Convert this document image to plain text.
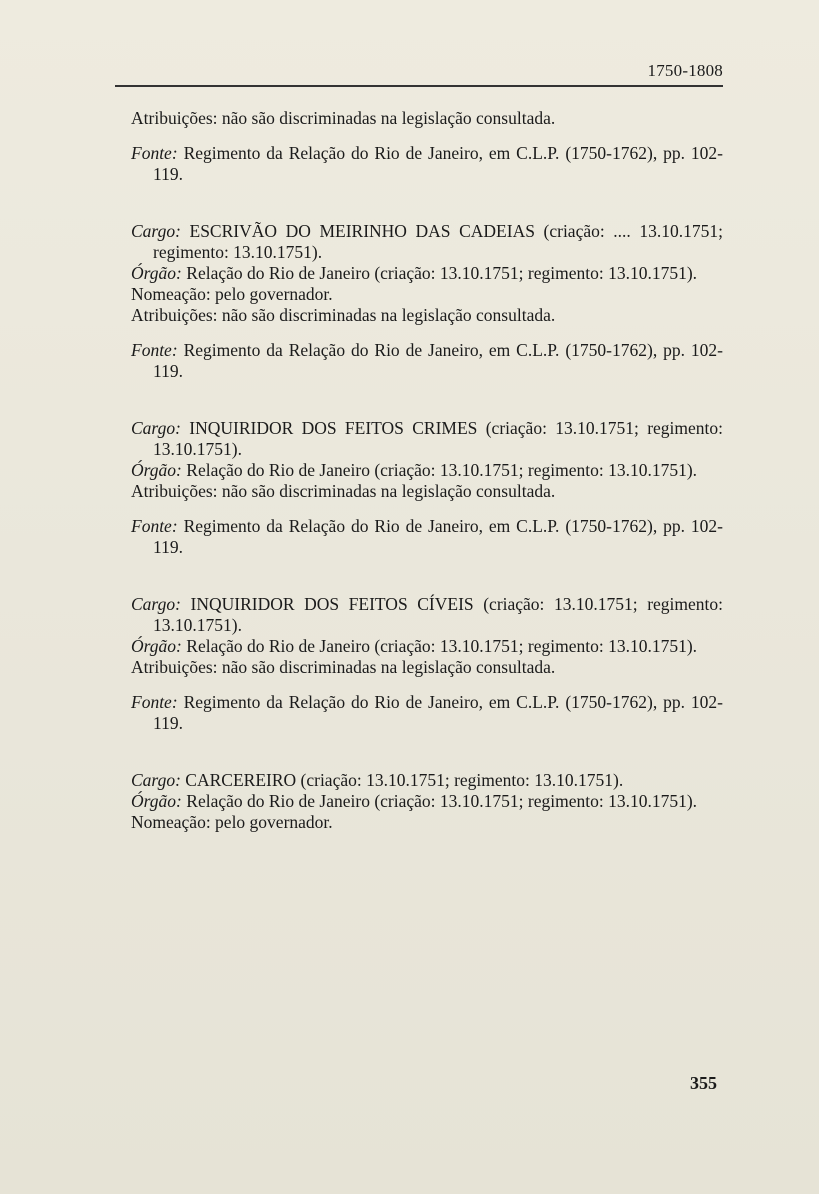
1750-1808

Atribuições: não são discriminadas na legislação consultada.

Fonte: Regimento da Relação do Rio de Janeiro, em C.L.P. (1750-1762), pp. 102-119.

Cargo: ESCRIVÃO DO MEIRINHO DAS CADEIAS (criação: .... 13.10.1751; regimento: 13.10.1751).

Órgão: Relação do Rio de Janeiro (criação: 13.10.1751; regimento: 13.10.1751).

Nomeação: pelo governador.

Atribuições: não são discriminadas na legislação consultada.

Fonte: Regimento da Relação do Rio de Janeiro, em C.L.P. (1750-1762), pp. 102-119.

Cargo: INQUIRIDOR DOS FEITOS CRIMES (criação: 13.10.1751; regimento: 13.10.1751).

Órgão: Relação do Rio de Janeiro (criação: 13.10.1751; regimento: 13.10.1751).

Atribuições: não são discriminadas na legislação consultada.

Fonte: Regimento da Relação do Rio de Janeiro, em C.L.P. (1750-1762), pp. 102-119.

Cargo: INQUIRIDOR DOS FEITOS CÍVEIS (criação: 13.10.1751; regimento: 13.10.1751).

Órgão: Relação do Rio de Janeiro (criação: 13.10.1751; regimento: 13.10.1751).

Atribuições: não são discriminadas na legislação consultada.

Fonte: Regimento da Relação do Rio de Janeiro, em C.L.P. (1750-1762), pp. 102-119.

Cargo: CARCEREIRO (criação: 13.10.1751; regimento: 13.10.1751).

Órgão: Relação do Rio de Janeiro (criação: 13.10.1751; regimento: 13.10.1751).

Nomeação: pelo governador.

355
